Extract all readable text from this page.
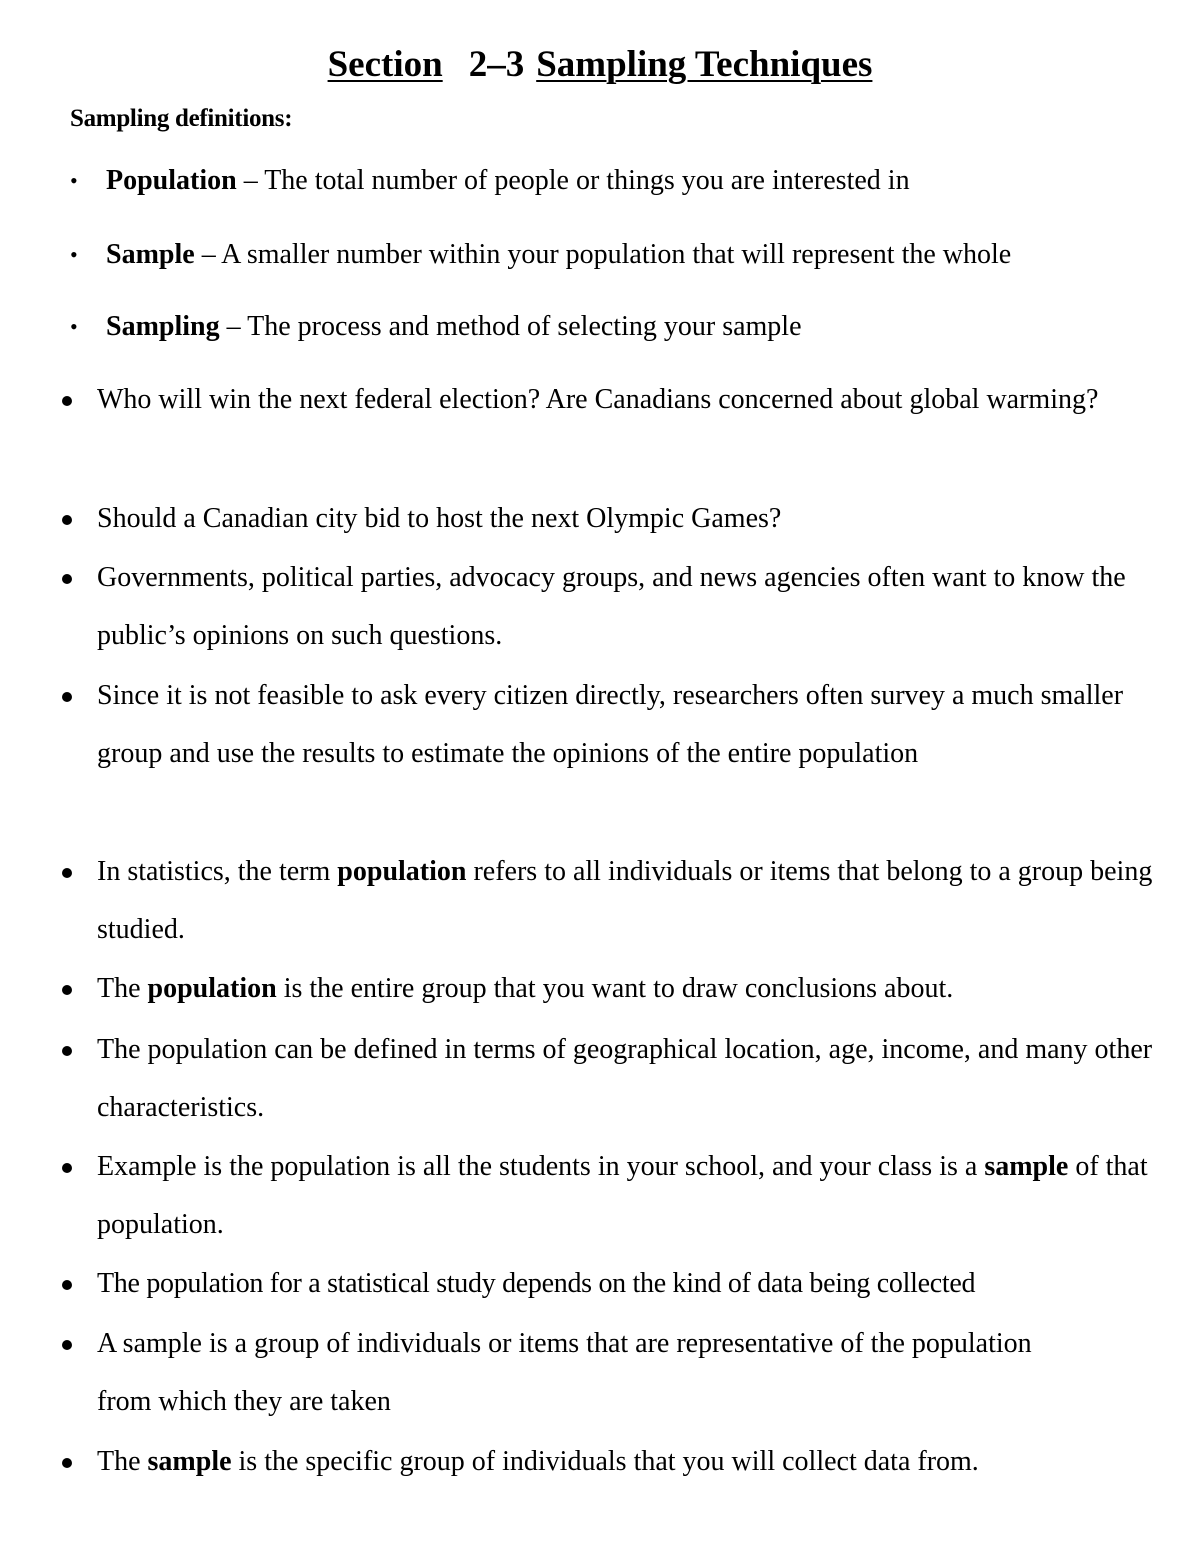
Section 2–3 Sampling Techniques
Sampling definitions:
• Population – The total number of people or things you are interested in
• Sample – A smaller number within your population that will represent the whole
• Sampling – The process and method of selecting your sample
Who will win the next federal election? Are Canadians concerned about global warming?
Should a Canadian city bid to host the next Olympic Games?
Governments, political parties, advocacy groups, and news agencies often want to know the public’s opinions on such questions.
Since it is not feasible to ask every citizen directly, researchers often survey a much smaller group and use the results to estimate the opinions of the entire population
In statistics, the term population refers to all individuals or items that belong to a group being studied.
The population is the entire group that you want to draw conclusions about.
The population can be defined in terms of geographical location, age, income, and many other characteristics.
Example is the population is all the students in your school, and your class is a sample of that population.
The population for a statistical study depends on the kind of data being collected
A sample is a group of individuals or items that are representative of the population from which they are taken
The sample is the specific group of individuals that you will collect data from.
